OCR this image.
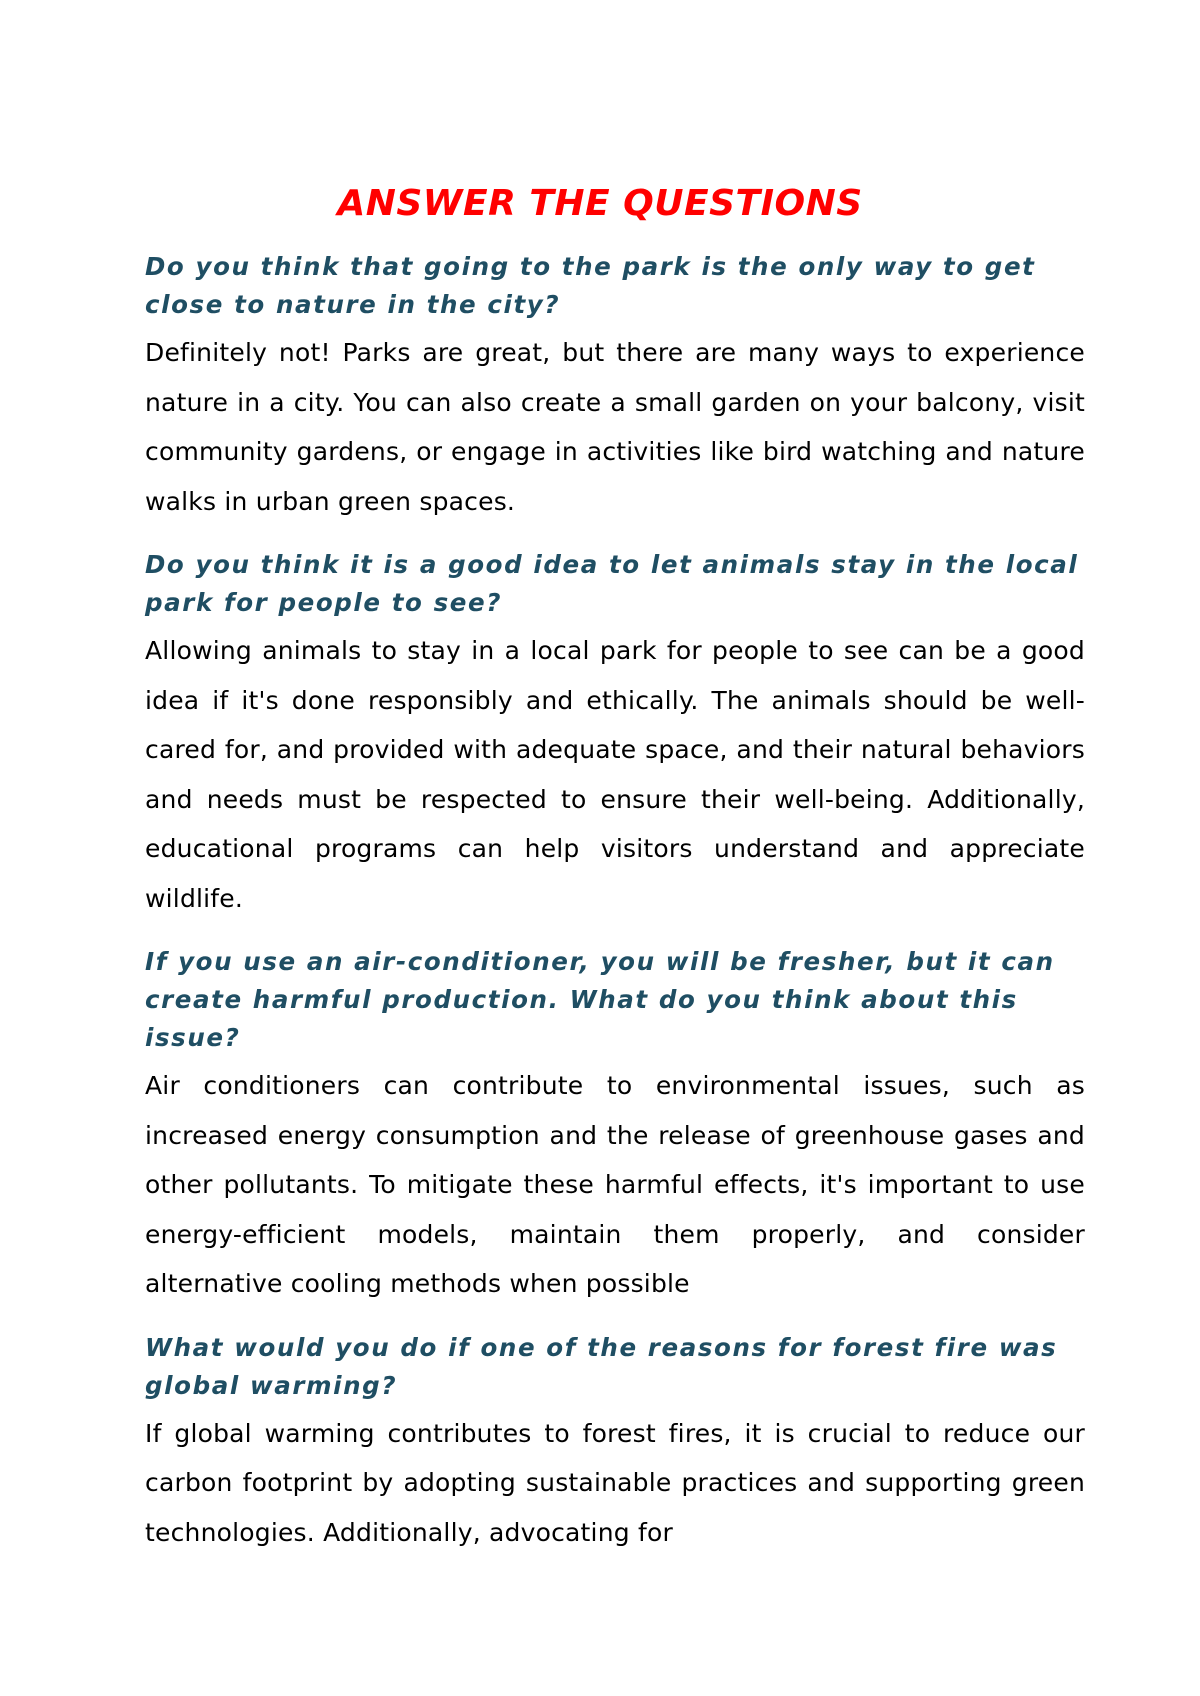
ANSWER THE QUESTIONS

Do you think that going to the park is the only way to get close to nature in the city?

Definitely not! Parks are great, but there are many ways to experience nature in a city. You can also create a small garden on your balcony, visit community gardens, or engage in activities like bird watching and nature walks in urban green spaces.

Do you think it is a good idea to let animals stay in the local park for people to see?

Allowing animals to stay in a local park for people to see can be a good idea if it's done responsibly and ethically. The animals should be well-cared for, and provided with adequate space, and their natural behaviors and needs must be respected to ensure their well-being. Additionally, educational programs can help visitors understand and appreciate wildlife.

If you use an air-conditioner, you will be fresher, but it can create harmful production. What do you think about this issue?

Air conditioners can contribute to environmental issues, such as increased energy consumption and the release of greenhouse gases and other pollutants. To mitigate these harmful effects, it's important to use energy-efficient models, maintain them properly, and consider alternative cooling methods when possible

What would you do if one of the reasons for forest fire was global warming?

If global warming contributes to forest fires, it is crucial to reduce our carbon footprint by adopting sustainable practices and supporting green technologies. Additionally, advocating for
